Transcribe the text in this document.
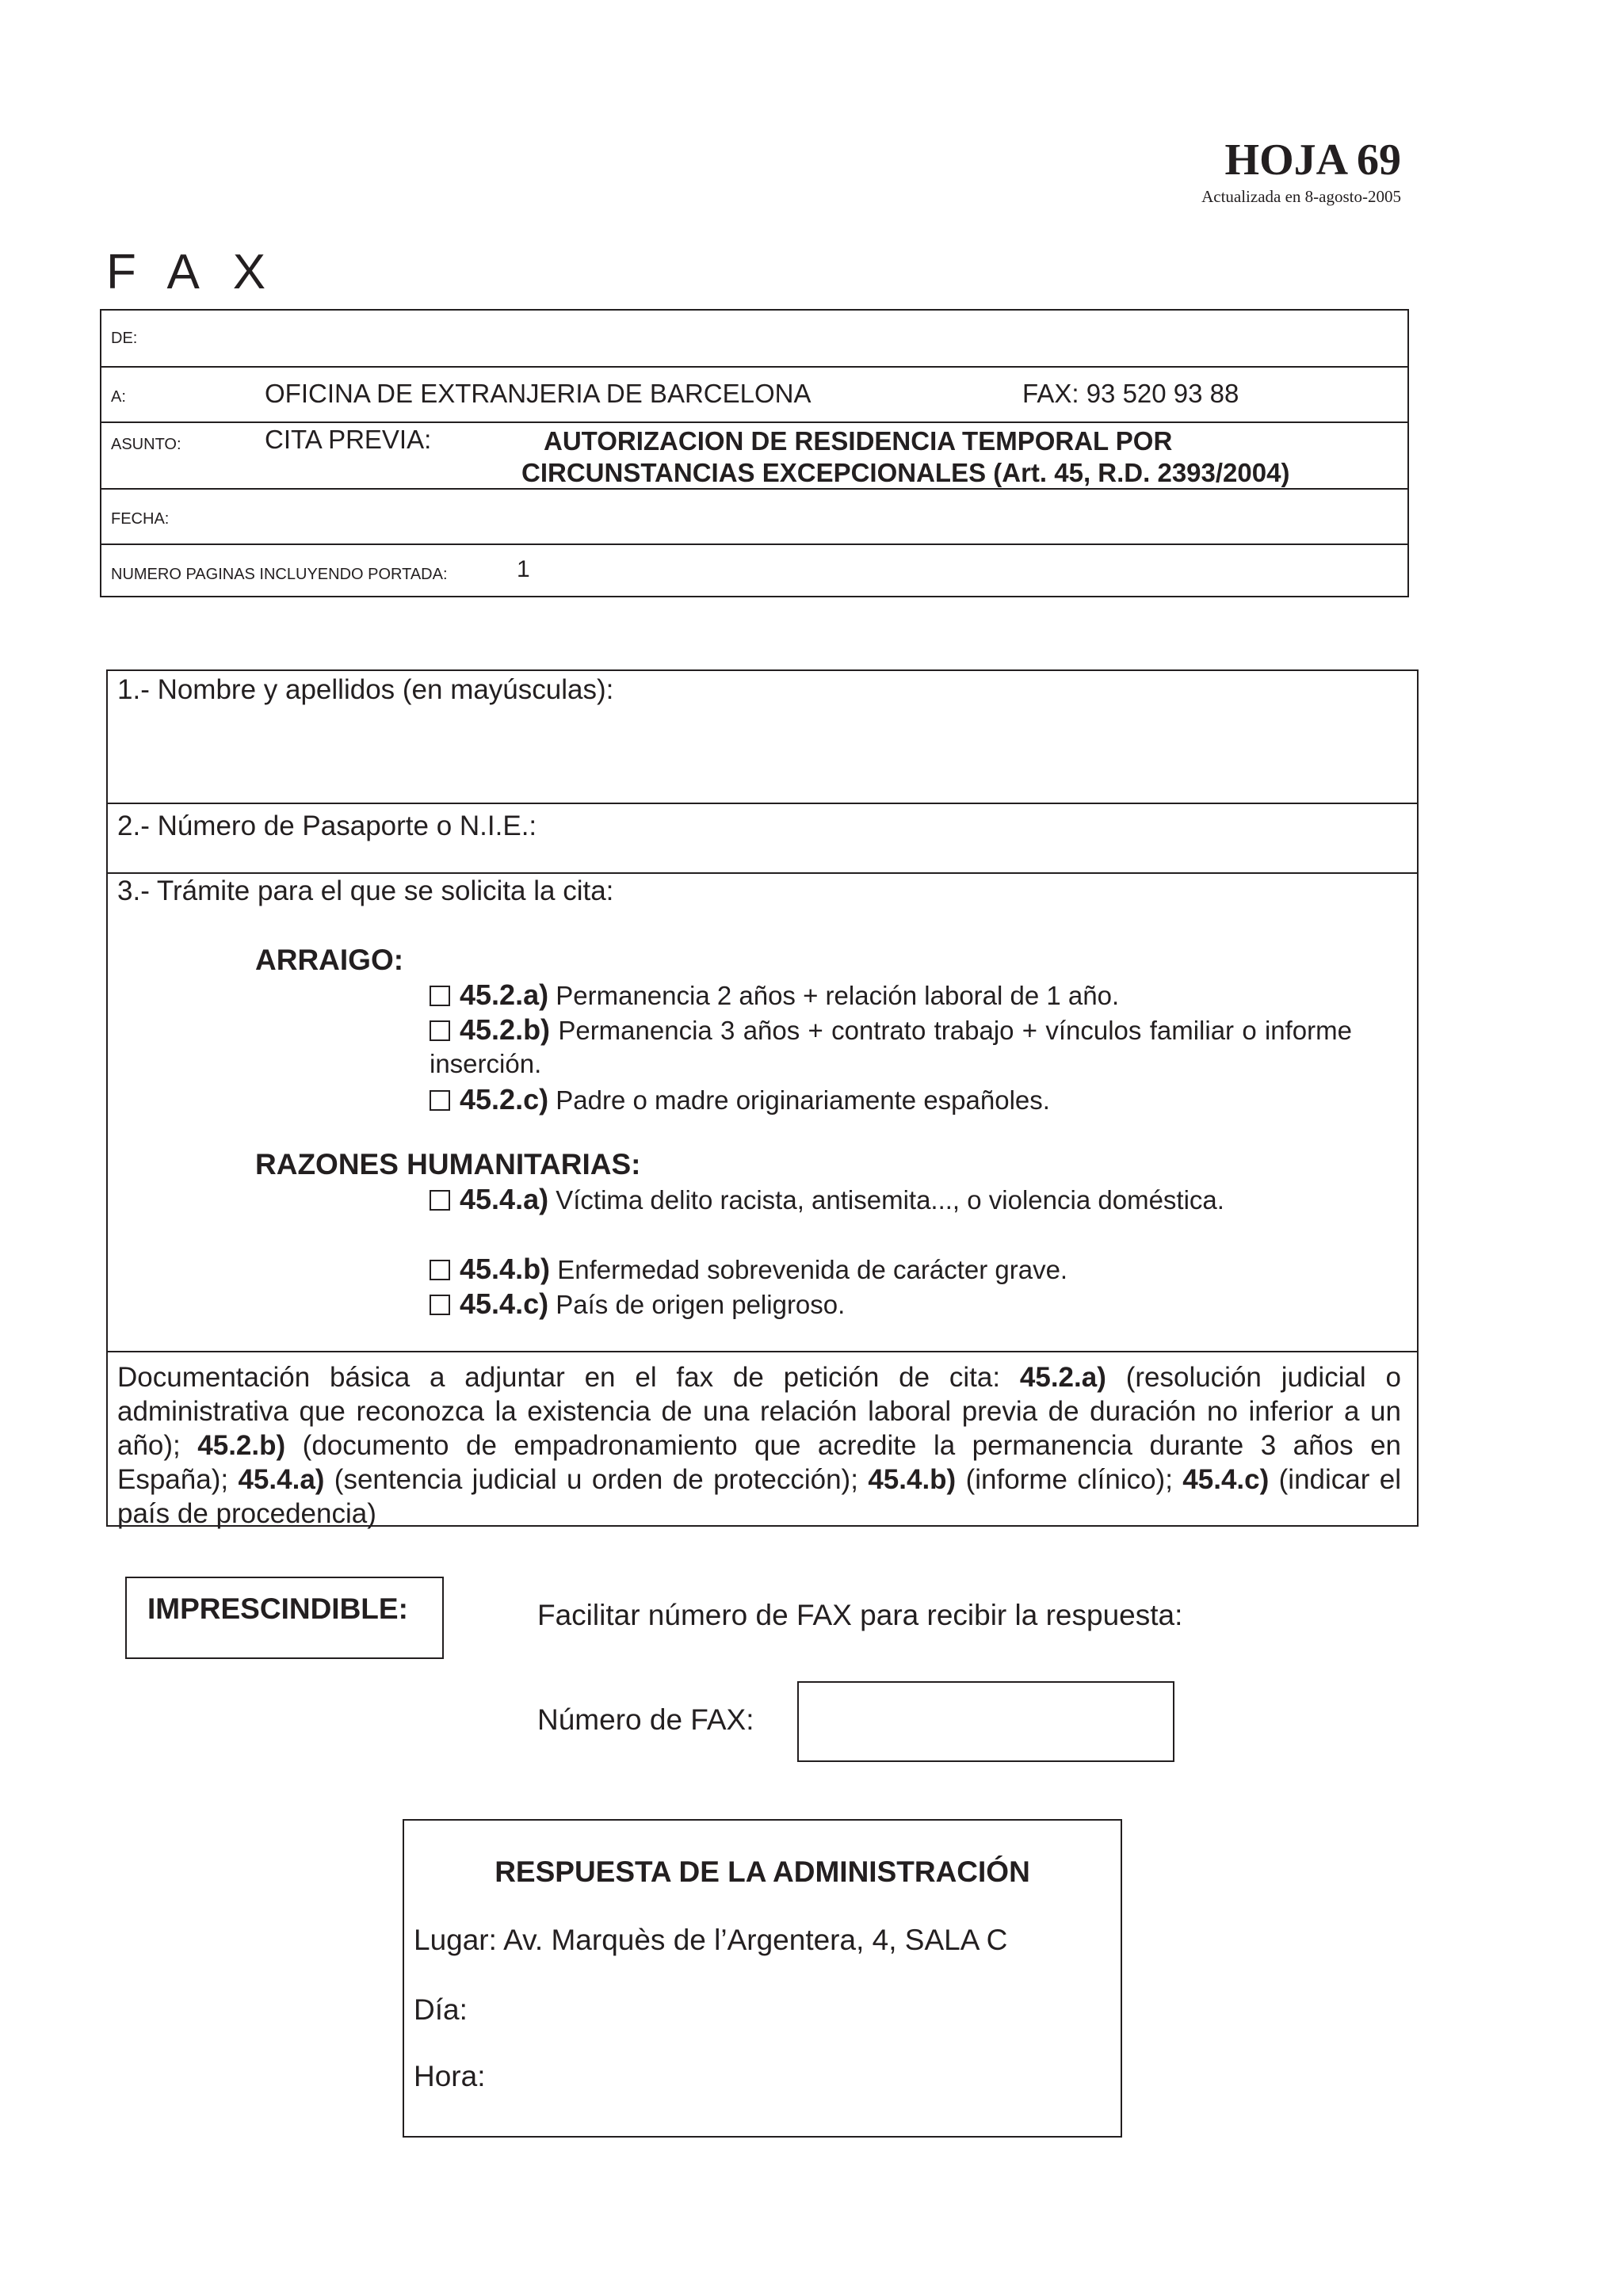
HOJA 69
Actualizada en 8-agosto-2005
FAX
DE:
A:	OFICINA DE EXTRANJERIA DE BARCELONA	FAX: 93 520 93 88
ASUNTO:	CITA PREVIA:	AUTORIZACION DE RESIDENCIA TEMPORAL POR
CIRCUNSTANCIAS EXCEPCIONALES (Art. 45, R.D. 2393/2004)
FECHA:
NUMERO PAGINAS INCLUYENDO PORTADA:	1
1.- Nombre y apellidos (en mayúsculas):
2.- Número de Pasaporte o N.I.E.:
3.- Trámite para el que se solicita la cita:
ARRAIGO:
45.2.a) Permanencia 2 años + relación laboral de 1 año.
45.2.b) Permanencia 3 años + contrato trabajo + vínculos familiar o informe inserción.
45.2.c) Padre o madre originariamente españoles.
RAZONES HUMANITARIAS:
45.4.a) Víctima delito racista, antisemita..., o violencia doméstica.
45.4.b) Enfermedad sobrevenida de carácter grave.
45.4.c) País de origen peligroso.
Documentación básica a adjuntar en el fax de petición de cita: 45.2.a) (resolución judicial o administrativa que reconozca la existencia de una relación laboral previa de duración no inferior a un año); 45.2.b) (documento de empadronamiento que acredite la permanencia durante 3 años en España); 45.4.a) (sentencia judicial u orden de protección); 45.4.b) (informe clínico); 45.4.c) (indicar el país de procedencia)
IMPRESCINDIBLE:	Facilitar número de FAX para recibir la respuesta:
Número de FAX:
RESPUESTA DE LA ADMINISTRACIÓN
Lugar: Av. Marquès de l’Argentera, 4, SALA C
Día:
Hora:
